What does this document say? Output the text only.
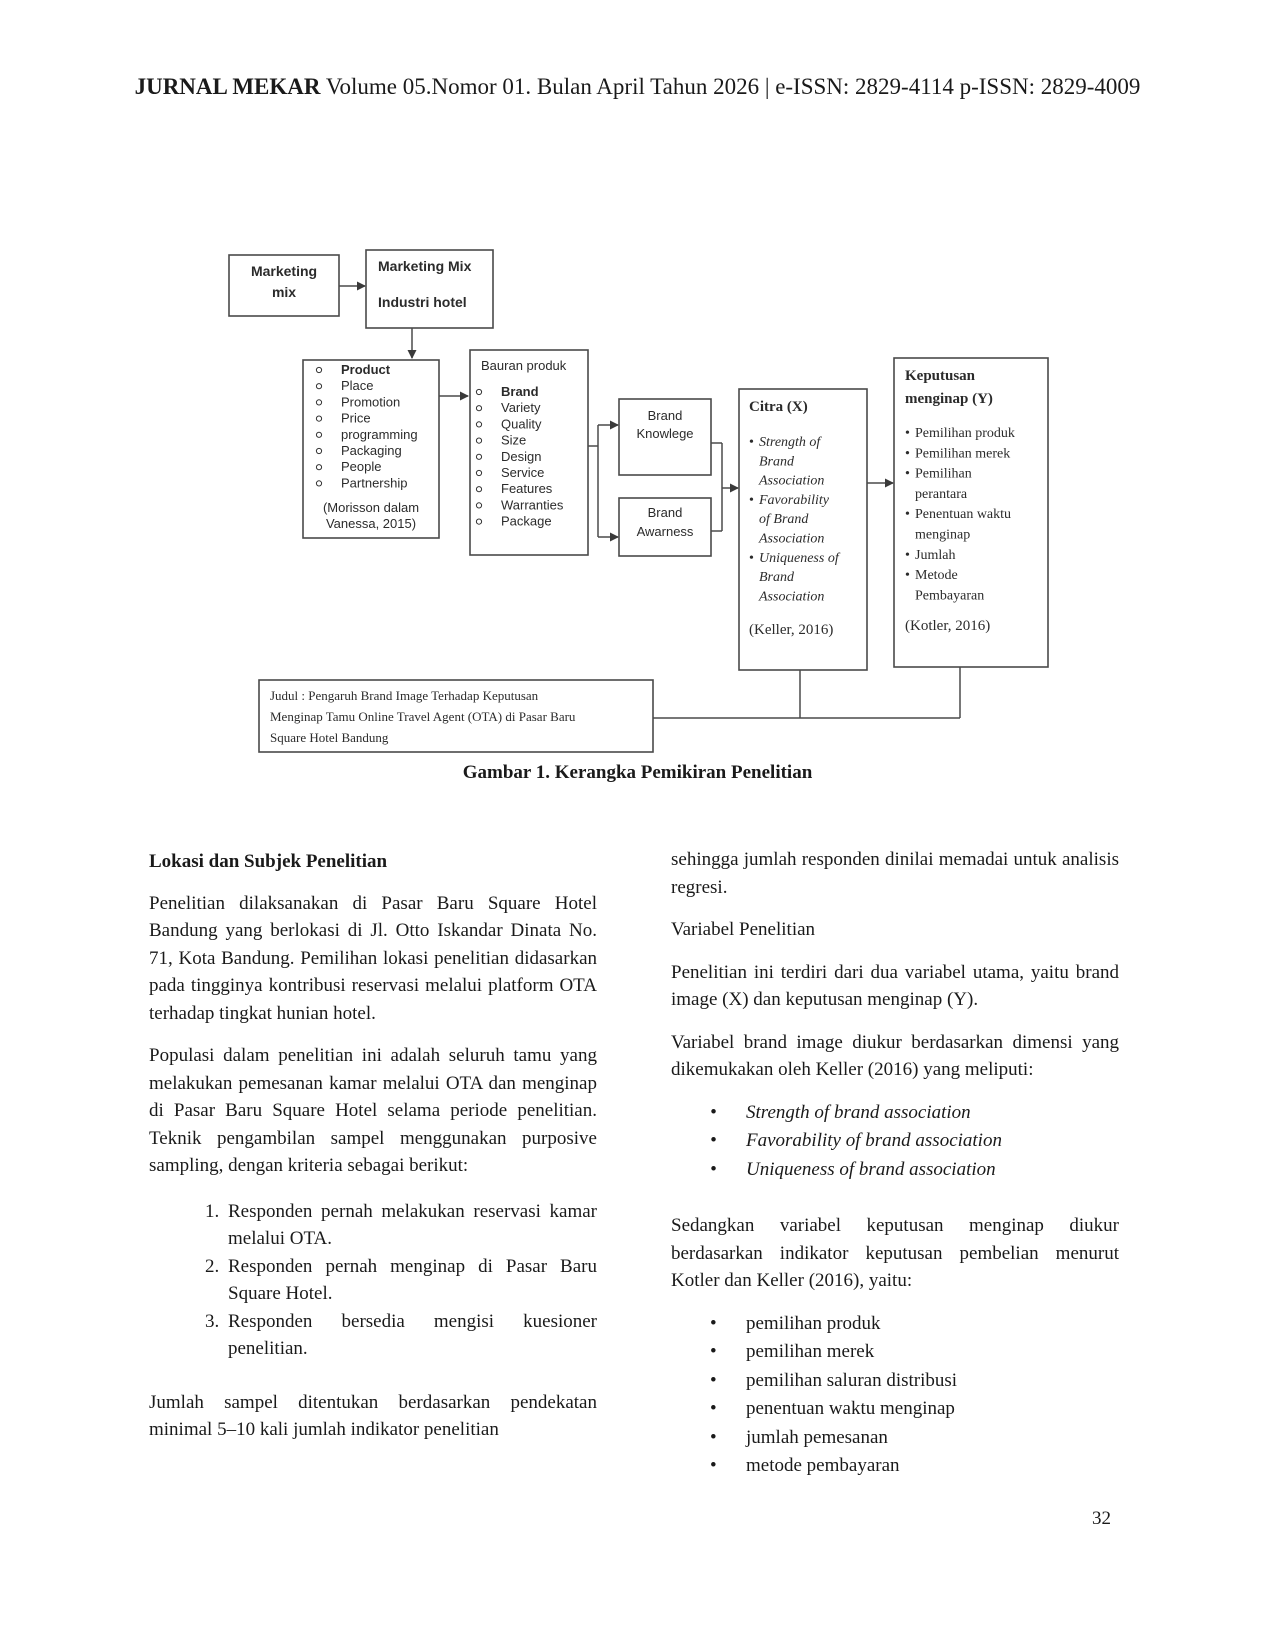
JURNAL MEKAR Volume 05.Nomor 01. Bulan April Tahun 2026 | e-ISSN: 2829-4114 p-ISSN: 2829-4009
Marketing
mix
Marketing Mix
Industri hotel
Product
Place
Promotion
Price
programming
Packaging
People
Partnership
(Morisson dalam
Vanessa, 2015)
Bauran produk
Brand
Variety
Quality
Size
Design
Service
Features
Warranties
Package
Brand
Knowlege
Brand
Awarness
Citra (X)
• Strength of
Brand
Association
• Favorability
of Brand
Association
• Uniqueness of
Brand
Association
(Keller, 2016)
Keputusan
menginap (Y)
• Pemilihan produk
• Pemilihan merek
• Pemilihan
perantara
• Penentuan waktu
menginap
• Jumlah
• Metode
Pembayaran
(Kotler, 2016)
Judul : Pengaruh Brand Image Terhadap Keputusan
Menginap Tamu Online Travel Agent (OTA) di Pasar Baru
Square Hotel Bandung
Gambar 1. Kerangka Pemikiran Penelitian
Lokasi dan Subjek Penelitian

Penelitian dilaksanakan di Pasar Baru Square Hotel Bandung yang berlokasi di Jl. Otto Iskandar Dinata No. 71, Kota Bandung. Pemilihan lokasi penelitian didasarkan pada tingginya kontribusi reservasi melalui platform OTA terhadap tingkat hunian hotel.

Populasi dalam penelitian ini adalah seluruh tamu yang melakukan pemesanan kamar melalui OTA dan menginap di Pasar Baru Square Hotel selama periode penelitian. Teknik pengambilan sampel menggunakan purposive sampling, dengan kriteria sebagai berikut:

1. Responden pernah melakukan reservasi kamar melalui OTA.
2. Responden pernah menginap di Pasar Baru Square Hotel.
3. Responden bersedia mengisi kuesioner penelitian.

Jumlah sampel ditentukan berdasarkan pendekatan minimal 5–10 kali jumlah indikator penelitian

sehingga jumlah responden dinilai memadai untuk analisis regresi.

Variabel Penelitian

Penelitian ini terdiri dari dua variabel utama, yaitu brand image (X) dan keputusan menginap (Y).

Variabel brand image diukur berdasarkan dimensi yang dikemukakan oleh Keller (2016) yang meliputi:

• Strength of brand association
• Favorability of brand association
• Uniqueness of brand association

Sedangkan variabel keputusan menginap diukur berdasarkan indikator keputusan pembelian menurut Kotler dan Keller (2016), yaitu:

• pemilihan produk
• pemilihan merek
• pemilihan saluran distribusi
• penentuan waktu menginap
• jumlah pemesanan
• metode pembayaran
32
